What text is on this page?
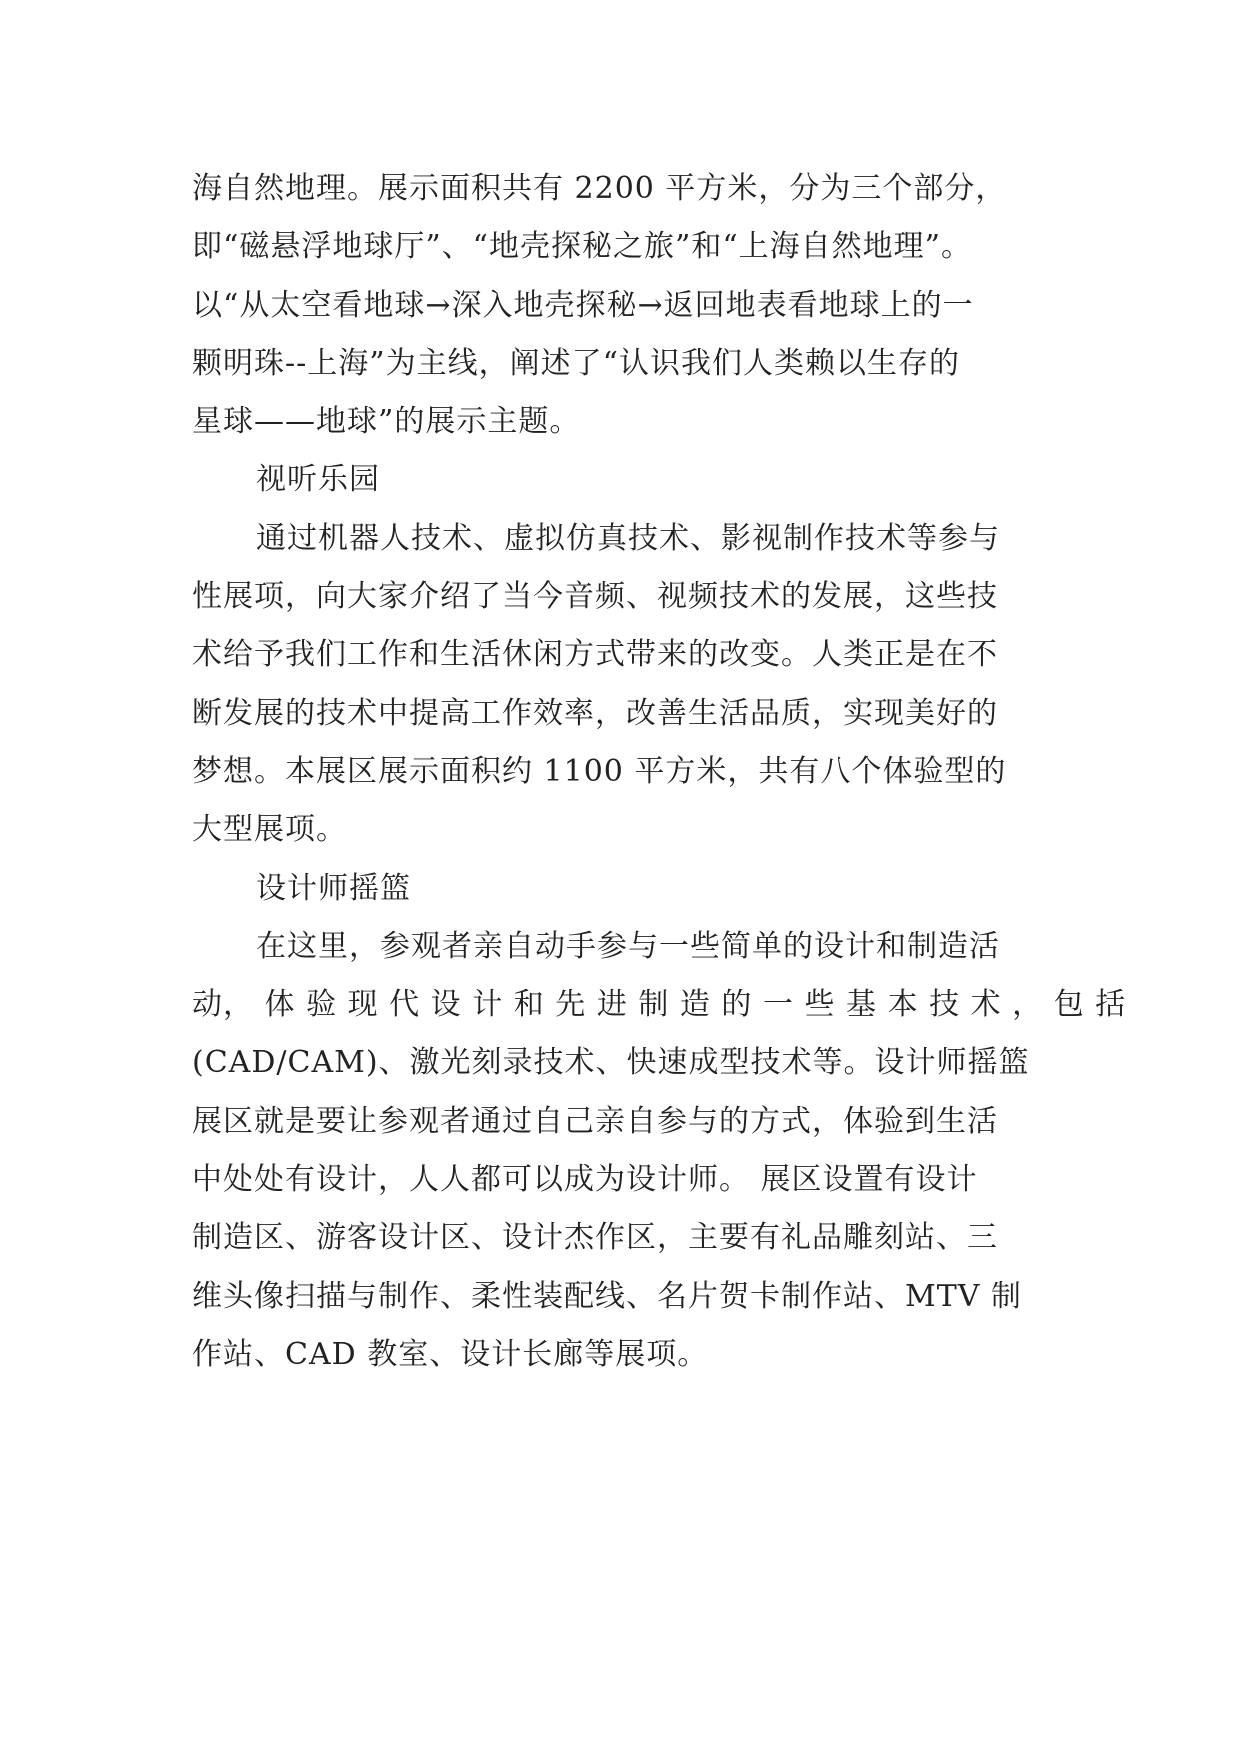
海自然地理。展示面积共有 2200 平方米，分为三个部分，
即“磁悬浮地球厅”、“地壳探秘之旅”和“上海自然地理”。
以“从太空看地球→深入地壳探秘→返回地表看地球上的一
颗明珠--上海”为主线，阐述了“认识我们人类赖以生存的
星球——地球”的展示主题。

视听乐园

通过机器人技术、虚拟仿真技术、影视制作技术等参与
性展项，向大家介绍了当今音频、视频技术的发展，这些技
术给予我们工作和生活休闲方式带来的改变。人类正是在不
断发展的技术中提高工作效率，改善生活品质，实现美好的
梦想。本展区展示面积约 1100 平方米，共有八个体验型的
大型展项。

设计师摇篮

在这里，参观者亲自动手参与一些简单的设计和制造活
动， 体 验 现 代 设 计 和 先 进 制 造 的 一 些 基 本 技 术 ， 包 括
(CAD/CAM)、激光刻录技术、快速成型技术等。设计师摇篮
展区就是要让参观者通过自己亲自参与的方式，体验到生活
中处处有设计，人人都可以成为设计师。 展区设置有设计
制造区、游客设计区、设计杰作区，主要有礼品雕刻站、三
维头像扫描与制作、柔性装配线、名片贺卡制作站、MTV 制
作站、CAD 教室、设计长廊等展项。
